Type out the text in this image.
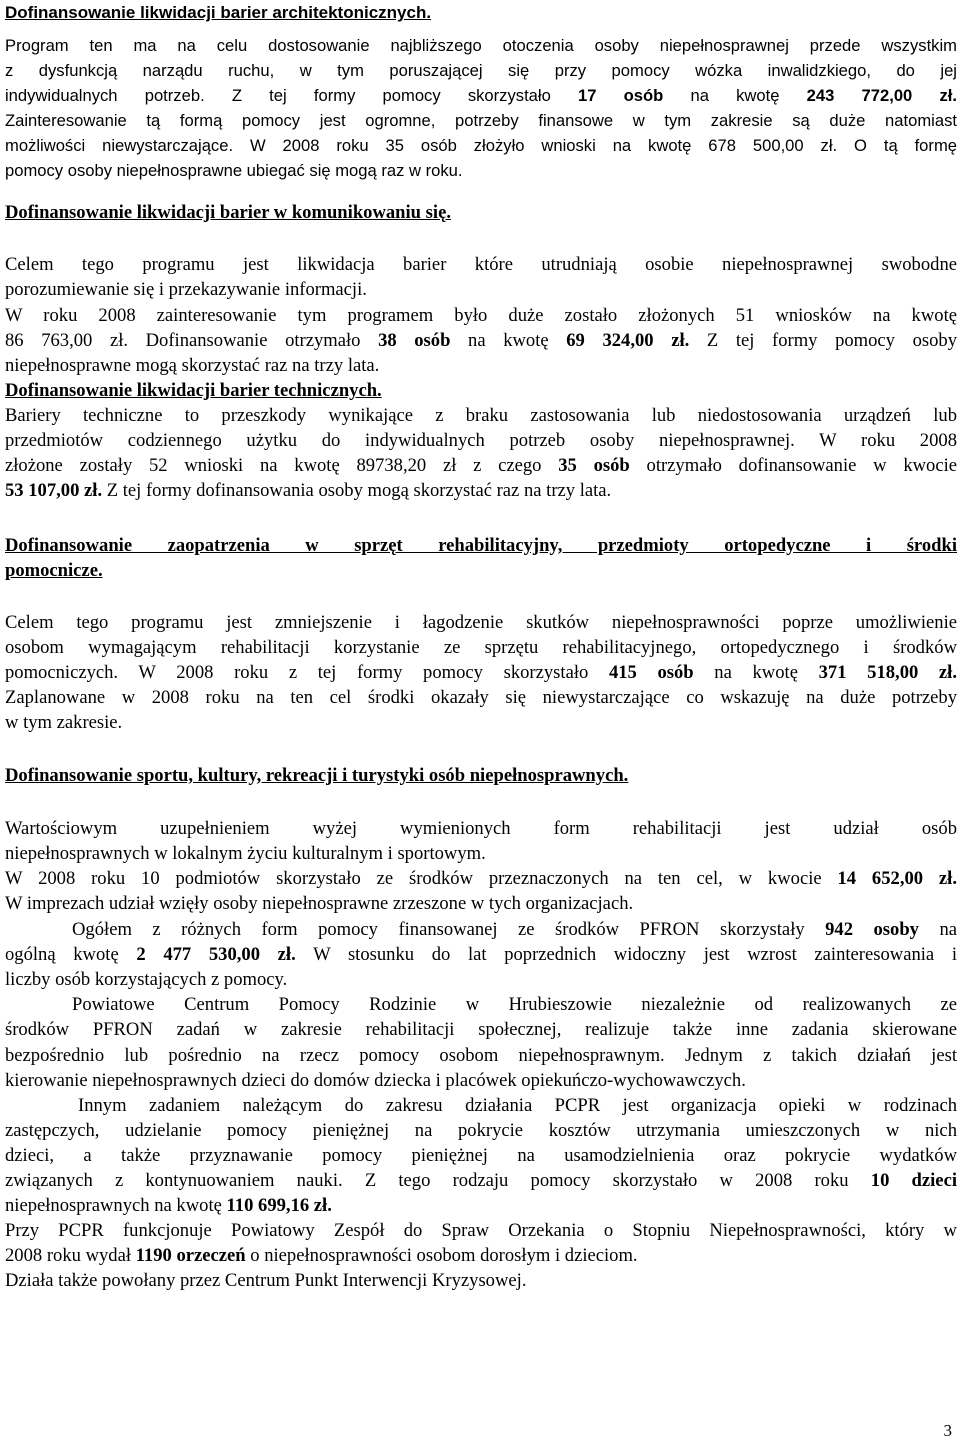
Dofinansowanie likwidacji barier architektonicznych.
Program ten ma na celu dostosowanie najbliższego otoczenia osoby niepełnosprawnej przede wszystkim
z dysfunkcją narządu ruchu, w tym poruszającej się przy pomocy wózka inwalidzkiego, do jej
indywidualnych potrzeb. Z tej formy pomocy skorzystało 17 osób na kwotę 243 772,00 zł.
Zainteresowanie tą formą pomocy jest ogromne, potrzeby finansowe w tym zakresie są duże natomiast
możliwości niewystarczające. W 2008 roku 35 osób złożyło wnioski na kwotę 678 500,00 zł. O tą formę
pomocy osoby niepełnosprawne ubiegać się mogą raz w roku.
Dofinansowanie likwidacji barier w komunikowaniu się.
Celem tego programu jest likwidacja barier które utrudniają osobie niepełnosprawnej swobodne
porozumiewanie się i przekazywanie informacji.
W roku 2008 zainteresowanie tym programem było duże zostało złożonych 51 wniosków na kwotę
86 763,00 zł. Dofinansowanie otrzymało 38 osób na kwotę 69 324,00 zł. Z tej formy pomocy osoby
niepełnosprawne mogą skorzystać raz na trzy lata.
Dofinansowanie likwidacji barier technicznych.
Bariery techniczne to przeszkody wynikające z braku zastosowania lub niedostosowania urządzeń lub
przedmiotów codziennego użytku do indywidualnych potrzeb osoby niepełnosprawnej. W roku 2008
złożone zostały 52 wnioski na kwotę 89738,20 zł z czego 35 osób otrzymało dofinansowanie w kwocie
53 107,00 zł. Z tej formy dofinansowania osoby mogą skorzystać raz na trzy lata.
Dofinansowanie zaopatrzenia w sprzęt rehabilitacyjny, przedmioty ortopedyczne i środki
pomocnicze.
Celem tego programu jest zmniejszenie i łagodzenie skutków niepełnosprawności poprze umożliwienie
osobom wymagającym rehabilitacji korzystanie ze sprzętu rehabilitacyjnego, ortopedycznego i środków
pomocniczych. W 2008 roku z tej formy pomocy skorzystało 415 osób na kwotę 371 518,00 zł.
Zaplanowane w 2008 roku na ten cel środki okazały się niewystarczające co wskazuję na duże potrzeby
w tym zakresie.
Dofinansowanie sportu, kultury, rekreacji i turystyki osób niepełnosprawnych.
Wartościowym uzupełnieniem wyżej wymienionych form rehabilitacji jest udział osób
niepełnosprawnych w lokalnym życiu kulturalnym i sportowym.
W 2008 roku 10 podmiotów skorzystało ze środków przeznaczonych na ten cel, w kwocie 14 652,00 zł.
W imprezach udział wzięły osoby niepełnosprawne zrzeszone w tych organizacjach.
Ogółem z różnych form pomocy finansowanej ze środków PFRON skorzystały 942 osoby na
ogólną kwotę 2 477 530,00 zł. W stosunku do lat poprzednich widoczny jest wzrost zainteresowania i
liczby osób korzystających z pomocy.
Powiatowe Centrum Pomocy Rodzinie w Hrubieszowie niezależnie od realizowanych ze
środków PFRON zadań w zakresie rehabilitacji społecznej, realizuje także inne zadania skierowane
bezpośrednio lub pośrednio na rzecz pomocy osobom niepełnosprawnym. Jednym z takich działań jest
kierowanie niepełnosprawnych dzieci do domów dziecka i placówek opiekuńczo-wychowawczych.
Innym zadaniem należącym do zakresu działania PCPR jest organizacja opieki w rodzinach
zastępczych, udzielanie pomocy pieniężnej na pokrycie kosztów utrzymania umieszczonych w nich
dzieci, a także przyznawanie pomocy pieniężnej na usamodzielnienia oraz pokrycie wydatków
związanych z kontynuowaniem nauki. Z tego rodzaju pomocy skorzystało w 2008 roku 10 dzieci
niepełnosprawnych na kwotę 110 699,16 zł.
Przy PCPR funkcjonuje Powiatowy Zespół do Spraw Orzekania o Stopniu Niepełnosprawności, który w
2008 roku wydał 1190 orzeczeń o niepełnosprawności osobom dorosłym i dzieciom.
Działa także powołany przez Centrum Punkt Interwencji Kryzysowej.
3
